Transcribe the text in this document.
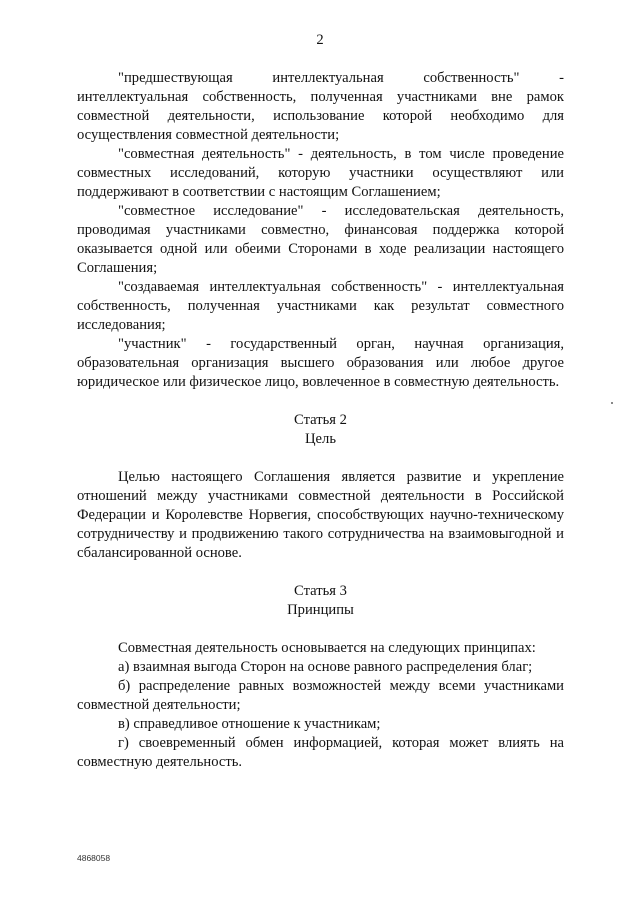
2
"предшествующая интеллектуальная собственность" -
интеллектуальная собственность, полученная участниками вне рамок совместной деятельности, использование которой необходимо для осуществления совместной деятельности;
"совместная деятельность" - деятельность, в том числе проведение
совместных исследований, которую участники осуществляют или поддерживают в соответствии с настоящим Соглашением;
"совместное исследование" - исследовательская деятельность,
проводимая участниками совместно, финансовая поддержка которой оказывается одной или обеими Сторонами в ходе реализации настоящего Соглашения;
"создаваемая интеллектуальная собственность" - интеллектуальная
собственность, полученная участниками как результат совместного исследования;
"участник" - государственный орган, научная организация,
образовательная организация высшего образования или любое другое юридическое или физическое лицо, вовлеченное в совместную деятельность.
Статья 2
Цель
Целью настоящего Соглашения является развитие и укрепление
отношений между участниками совместной деятельности в Российской Федерации и Королевстве Норвегия, способствующих научно-техническому сотрудничеству и продвижению такого сотрудничества на взаимовыгодной и сбалансированной основе.
Статья 3
Принципы
Совместная деятельность основывается на следующих принципах:
а) взаимная выгода Сторон на основе равного распределения благ;
б) распределение равных возможностей между всеми участниками
совместной деятельности;
в) справедливое отношение к участникам;
г) своевременный обмен информацией, которая может влиять на
совместную деятельность.
4868058
